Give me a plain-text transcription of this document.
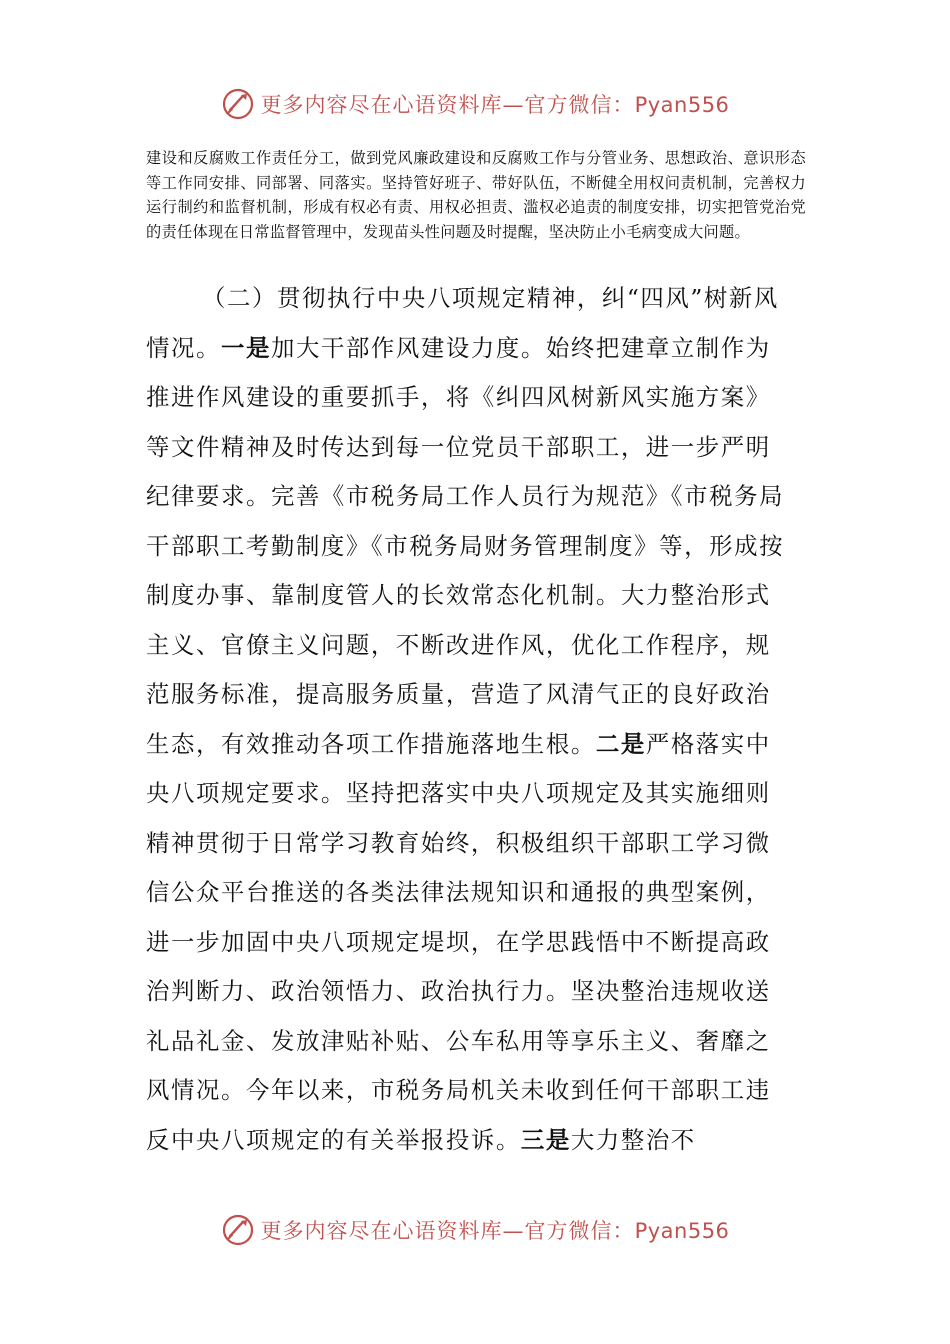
更多内容尽在心语资料库—官方微信：Pyan556

建设和反腐败工作责任分工，做到党风廉政建设和反腐败工作与分管业务、思想政治、意识形态等工作同安排、同部署、同落实。坚持管好班子、带好队伍，不断健全用权问责机制，完善权力运行制约和监督机制，形成有权必有责、用权必担责、滥权必追责的制度安排，切实把管党治党的责任体现在日常监督管理中，发现苗头性问题及时提醒，坚决防止小毛病变成大问题。

（二）贯彻执行中央八项规定精神，纠“四风”树新风情况。一是加大干部作风建设力度。始终把建章立制作为推进作风建设的重要抓手，将《纠四风树新风实施方案》等文件精神及时传达到每一位党员干部职工，进一步严明纪律要求。完善《市税务局工作人员行为规范》《市税务局干部职工考勤制度》《市税务局财务管理制度》等，形成按制度办事、靠制度管人的长效常态化机制。大力整治形式主义、官僚主义问题，不断改进作风，优化工作程序，规范服务标准，提高服务质量，营造了风清气正的良好政治生态，有效推动各项工作措施落地生根。二是严格落实中央八项规定要求。坚持把落实中央八项规定及其实施细则精神贯彻于日常学习教育始终，积极组织干部职工学习微信公众平台推送的各类法律法规知识和通报的典型案例，进一步加固中央八项规定堤坝，在学思践悟中不断提高政治判断力、政治领悟力、政治执行力。坚决整治违规收送礼品礼金、发放津贴补贴、公车私用等享乐主义、奢靡之风情况。今年以来，市税务局机关未收到任何干部职工违反中央八项规定的有关举报投诉。三是大力整治不

更多内容尽在心语资料库—官方微信：Pyan556
